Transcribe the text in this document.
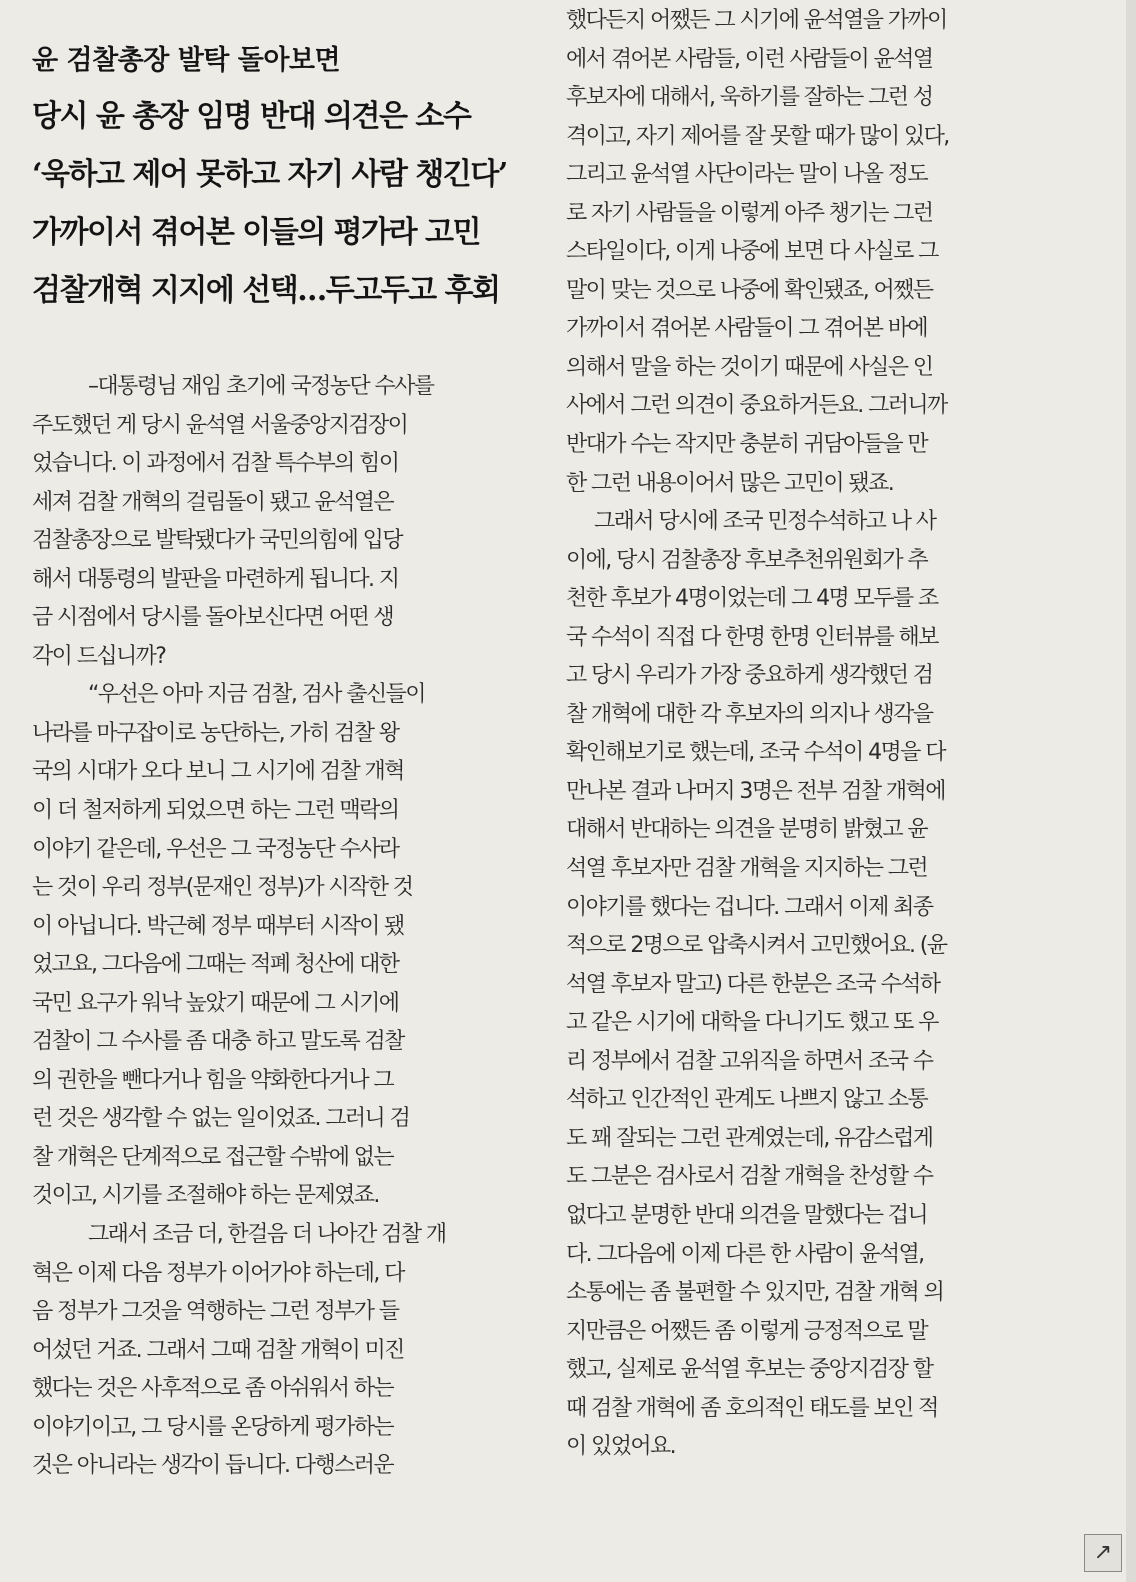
윤 검찰총장 발탁 돌아보면
당시 윤 총장 임명 반대 의견은 소수
‘욱하고 제어 못하고 자기 사람 챙긴다’
가까이서 겪어본 이들의 평가라 고민
검찰개혁 지지에 선택…두고두고 후회
–대통령님 재임 초기에 국정농단 수사를
주도했던 게 당시 윤석열 서울중앙지검장이
었습니다. 이 과정에서 검찰 특수부의 힘이
세져 검찰 개혁의 걸림돌이 됐고 윤석열은
검찰총장으로 발탁됐다가 국민의힘에 입당
해서 대통령의 발판을 마련하게 됩니다. 지
금 시점에서 당시를 돌아보신다면 어떤 생
각이 드십니까?
“우선은 아마 지금 검찰, 검사 출신들이
나라를 마구잡이로 농단하는, 가히 검찰 왕
국의 시대가 오다 보니 그 시기에 검찰 개혁
이 더 철저하게 되었으면 하는 그런 맥락의
이야기 같은데, 우선은 그 국정농단 수사라
는 것이 우리 정부(문재인 정부)가 시작한 것
이 아닙니다. 박근혜 정부 때부터 시작이 됐
었고요, 그다음에 그때는 적폐 청산에 대한
국민 요구가 워낙 높았기 때문에 그 시기에
검찰이 그 수사를 좀 대충 하고 말도록 검찰
의 권한을 뺀다거나 힘을 약화한다거나 그
런 것은 생각할 수 없는 일이었죠. 그러니 검
찰 개혁은 단계적으로 접근할 수밖에 없는
것이고, 시기를 조절해야 하는 문제였죠.
그래서 조금 더, 한걸음 더 나아간 검찰 개
혁은 이제 다음 정부가 이어가야 하는데, 다
음 정부가 그것을 역행하는 그런 정부가 들
어섰던 거죠. 그래서 그때 검찰 개혁이 미진
했다는 것은 사후적으로 좀 아쉬워서 하는
이야기이고, 그 당시를 온당하게 평가하는
것은 아니라는 생각이 듭니다. 다행스러운
했다든지 어쨌든 그 시기에 윤석열을 가까이
에서 겪어본 사람들, 이런 사람들이 윤석열
후보자에 대해서, 욱하기를 잘하는 그런 성
격이고, 자기 제어를 잘 못할 때가 많이 있다,
그리고 윤석열 사단이라는 말이 나올 정도
로 자기 사람들을 이렇게 아주 챙기는 그런
스타일이다, 이게 나중에 보면 다 사실로 그
말이 맞는 것으로 나중에 확인됐죠, 어쨌든
가까이서 겪어본 사람들이 그 겪어본 바에
의해서 말을 하는 것이기 때문에 사실은 인
사에서 그런 의견이 중요하거든요. 그러니까
반대가 수는 작지만 충분히 귀담아들을 만
한 그런 내용이어서 많은 고민이 됐죠.
그래서 당시에 조국 민정수석하고 나 사
이에, 당시 검찰총장 후보추천위원회가 추
천한 후보가 4명이었는데 그 4명 모두를 조
국 수석이 직접 다 한명 한명 인터뷰를 해보
고 당시 우리가 가장 중요하게 생각했던 검
찰 개혁에 대한 각 후보자의 의지나 생각을
확인해보기로 했는데, 조국 수석이 4명을 다
만나본 결과 나머지 3명은 전부 검찰 개혁에
대해서 반대하는 의견을 분명히 밝혔고 윤
석열 후보자만 검찰 개혁을 지지하는 그런
이야기를 했다는 겁니다. 그래서 이제 최종
적으로 2명으로 압축시켜서 고민했어요. (윤
석열 후보자 말고) 다른 한분은 조국 수석하
고 같은 시기에 대학을 다니기도 했고 또 우
리 정부에서 검찰 고위직을 하면서 조국 수
석하고 인간적인 관계도 나쁘지 않고 소통
도 꽤 잘되는 그런 관계였는데, 유감스럽게
도 그분은 검사로서 검찰 개혁을 찬성할 수
없다고 분명한 반대 의견을 말했다는 겁니
다. 그다음에 이제 다른 한 사람이 윤석열,
소통에는 좀 불편할 수 있지만, 검찰 개혁 의
지만큼은 어쨌든 좀 이렇게 긍정적으로 말
했고, 실제로 윤석열 후보는 중앙지검장 할
때 검찰 개혁에 좀 호의적인 태도를 보인 적
이 있었어요.
↗
